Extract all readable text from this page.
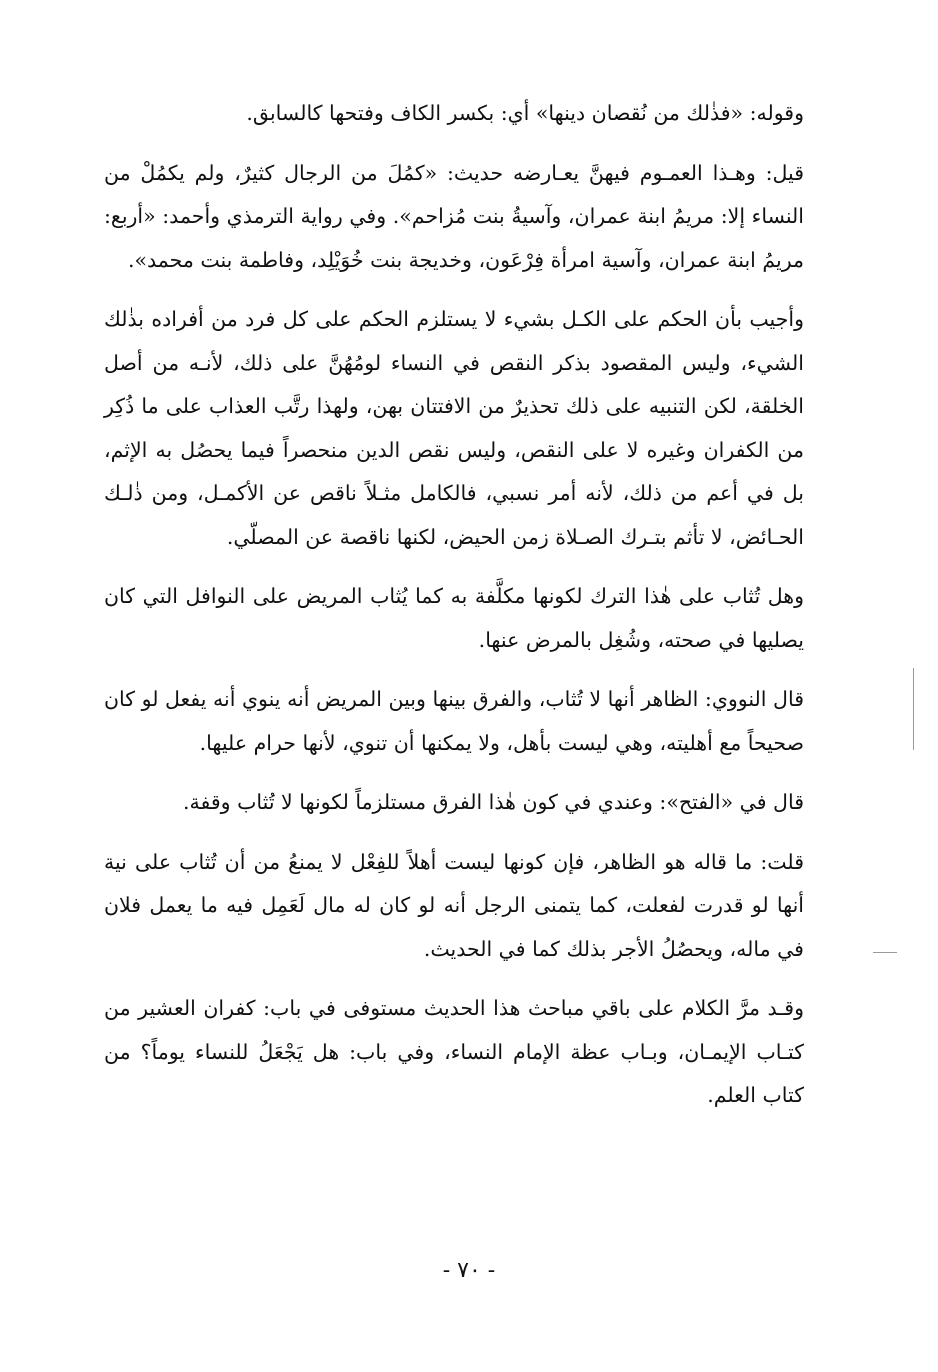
وقوله: «فذٰلك من نُقصان دينها» أي: بكسر الكاف وفتحها كالسابق.

قيل: وهـذا العمـوم فيهنَّ يعـارضه حديث: «كمُلَ من الرجال كثيرٌ، ولم يكمُلْ من النساء إلا: مريمُ ابنة عمران، وآسيةُ بنت مُزاحم». وفي رواية الترمذي وأحمد: «أربع: مريمُ ابنة عمران، وآسية امرأة فِرْعَون، وخديجة بنت خُوَيْلِد، وفاطمة بنت محمد».

وأجيب بأن الحكم على الكـل بشيء لا يستلزم الحكم على كل فرد من أفراده بذٰلك الشيء، وليس المقصود بذكر النقص في النساء لومُهُنَّ على ذلك، لأنـه من أصل الخلقة، لكن التنبيه على ذلك تحذيرٌ من الافتتان بهن، ولهذا رتَّب العذاب على ما ذُكِر من الكفران وغيره لا على النقص، وليس نقص الدين منحصراً فيما يحصُل به الإثم، بل في أعم من ذلك، لأنه أمر نسبي، فالكامل مثـلاً ناقص عن الأكمـل، ومن ذٰلـك الحـائض، لا تأثم بتـرك الصـلاة زمن الحيض، لكنها ناقصة عن المصلّي.

وهل تُثاب على هٰذا الترك لكونها مكلَّفة به كما يُثاب المريض على النوافل التي كان يصليها في صحته، وشُغِل بالمرض عنها.

قال النووي: الظاهر أنها لا تُثاب، والفرق بينها وبين المريض أنه ينوي أنه يفعل لو كان صحيحاً مع أهليته، وهي ليست بأهل، ولا يمكنها أن تنوي، لأنها حرام عليها.

قال في «الفتح»: وعندي في كون هٰذا الفرق مستلزماً لكونها لا تُثاب وقفة.

قلت: ما قاله هو الظاهر، فإن كونها ليست أهلاً للفِعْل لا يمنعُ من أن تُثاب على نية أنها لو قدرت لفعلت، كما يتمنى الرجل أنه لو كان له مال لَعَمِل فيه ما يعمل فلان في ماله، ويحصُلُ الأجر بذلك كما في الحديث.

وقـد مرَّ الكلام على باقي مباحث هذا الحديث مستوفى في باب: كفران العشير من كتـاب الإيمـان، وبـاب عظة الإمام النساء، وفي باب: هل يَجْعَلُ للنساء يوماً؟ من كتاب العلم.

- ٧٠ -
